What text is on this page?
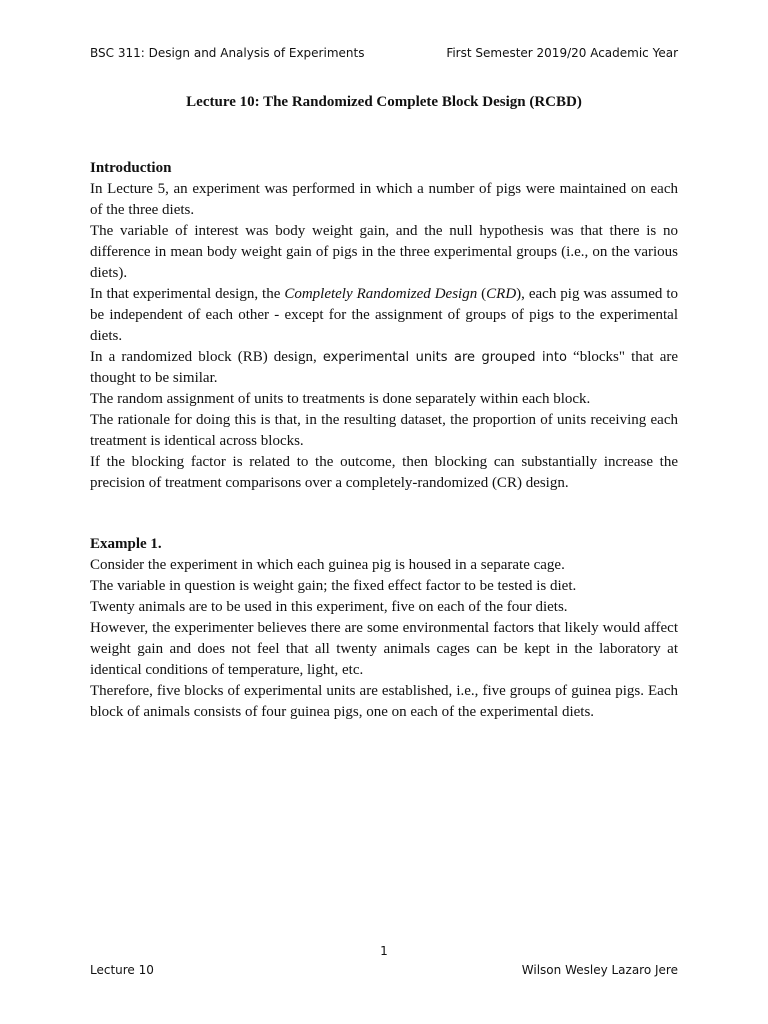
BSC 311: Design and Analysis of Experiments	First Semester 2019/20 Academic Year

Lecture 10: The Randomized Complete Block Design (RCBD)

Introduction

In Lecture 5, an experiment was performed in which a number of pigs were maintained on each of the three diets.

The variable of interest was body weight gain, and the null hypothesis was that there is no difference in mean body weight gain of pigs in the three experimental groups (i.e., on the various diets).

In that experimental design, the Completely Randomized Design (CRD), each pig was assumed to be independent of each other - except for the assignment of groups of pigs to the experimental diets.

In a randomized block (RB) design, experimental units are grouped into “blocks" that are thought to be similar.

The random assignment of units to treatments is done separately within each block.

The rationale for doing this is that, in the resulting dataset, the proportion of units receiving each treatment is identical across blocks.

If the blocking factor is related to the outcome, then blocking can substantially increase the precision of treatment comparisons over a completely-randomized (CR) design.

Example 1.

Consider the experiment in which each guinea pig is housed in a separate cage.

The variable in question is weight gain; the fixed effect factor to be tested is diet.

Twenty animals are to be used in this experiment, five on each of the four diets.

However, the experimenter believes there are some environmental factors that likely would affect weight gain and does not feel that all twenty animals cages can be kept in the laboratory at identical conditions of temperature, light, etc.

Therefore, five blocks of experimental units are established, i.e., five groups of guinea pigs. Each block of animals consists of four guinea pigs, one on each of the experimental diets.

1
Lecture 10	Wilson Wesley Lazaro Jere
